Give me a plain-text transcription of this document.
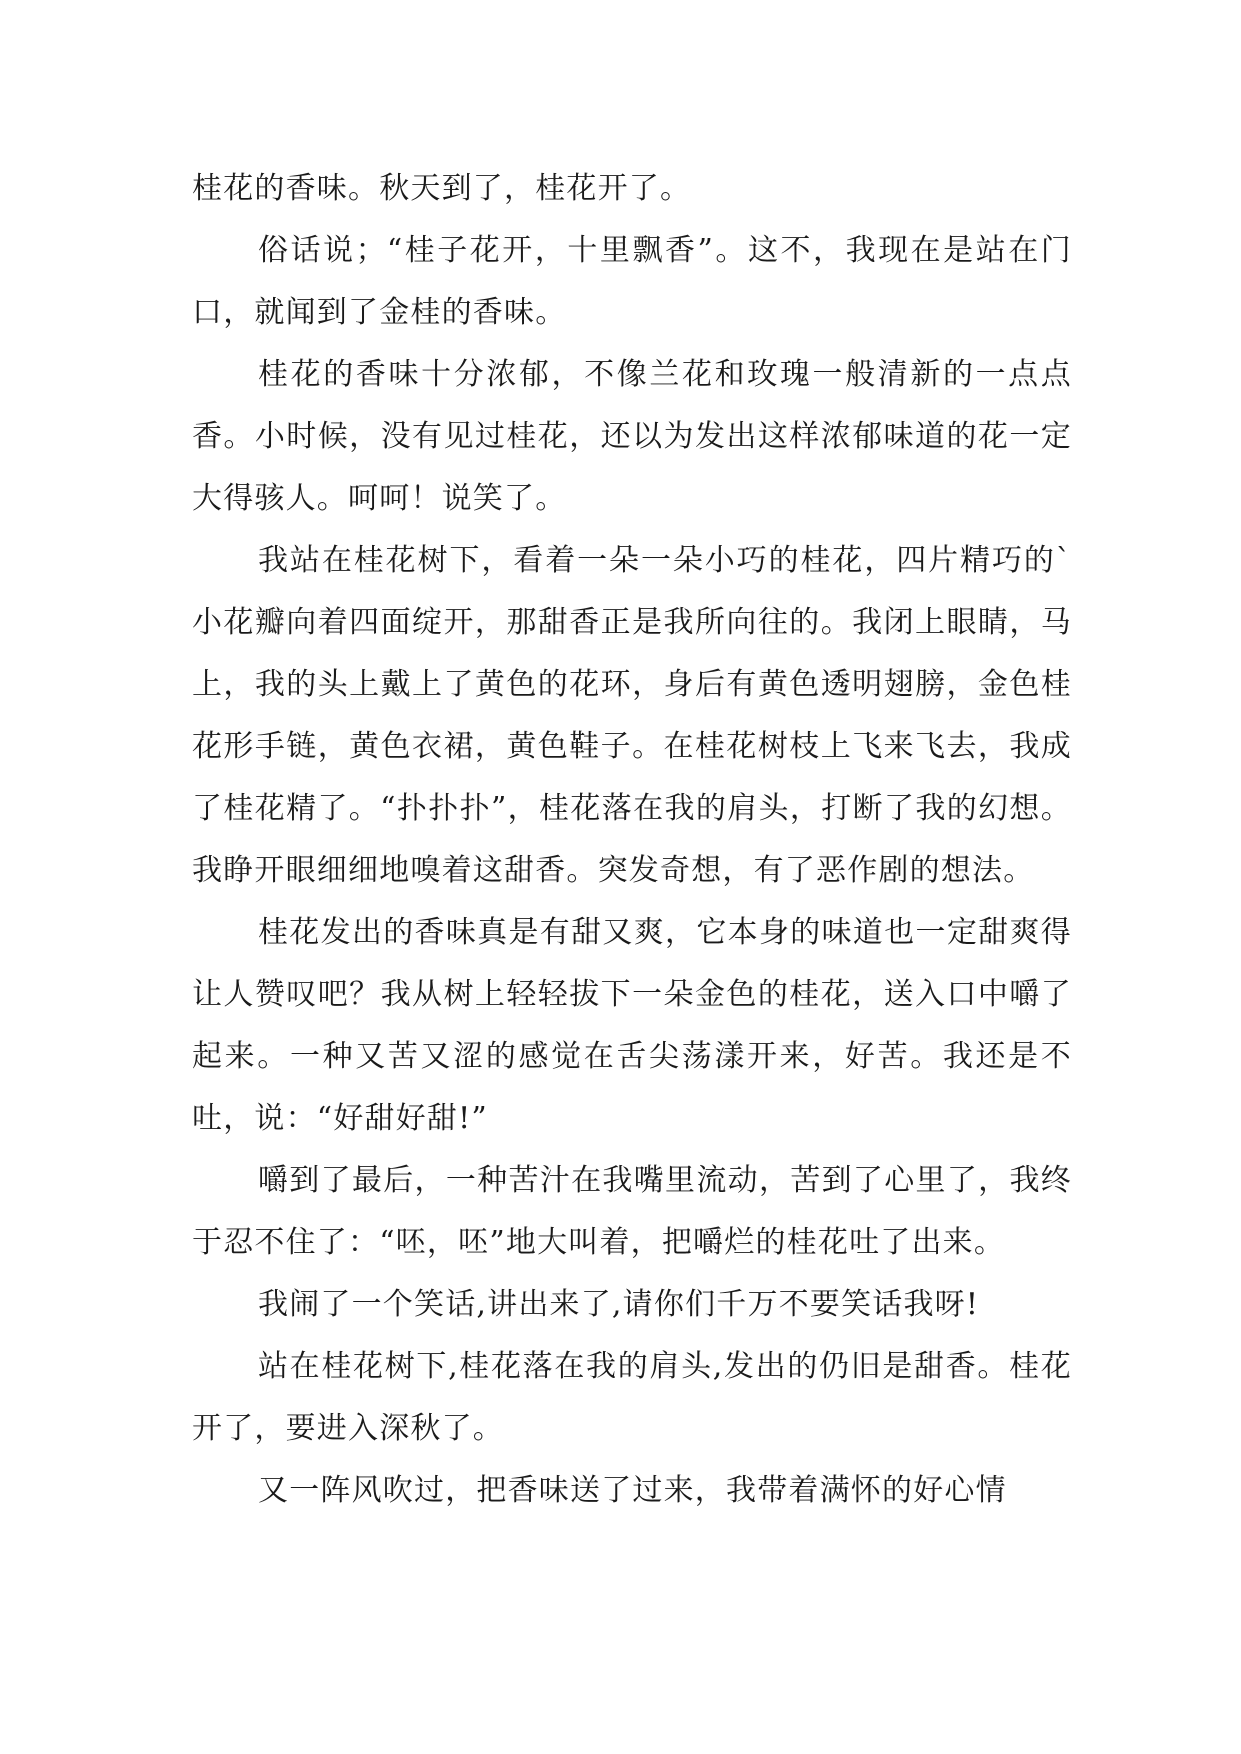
桂花的香味。秋天到了，桂花开了。

俗话说；“桂子花开，十里飘香”。这不，我现在是站在门口，就闻到了金桂的香味。

桂花的香味十分浓郁，不像兰花和玫瑰一般清新的一点点香。小时候，没有见过桂花，还以为发出这样浓郁味道的花一定大得骇人。呵呵！说笑了。

我站在桂花树下，看着一朵一朵小巧的桂花，四片精巧的`小花瓣向着四面绽开，那甜香正是我所向往的。我闭上眼睛，马上，我的头上戴上了黄色的花环，身后有黄色透明翅膀，金色桂花形手链，黄色衣裙，黄色鞋子。在桂花树枝上飞来飞去，我成了桂花精了。“扑扑扑”，桂花落在我的肩头，打断了我的幻想。我睁开眼细细地嗅着这甜香。突发奇想，有了恶作剧的想法。

桂花发出的香味真是有甜又爽，它本身的味道也一定甜爽得让人赞叹吧？我从树上轻轻拔下一朵金色的桂花，送入口中嚼了起来。一种又苦又涩的感觉在舌尖荡漾开来，好苦。我还是不吐，说：“好甜好甜!”

嚼到了最后，一种苦汁在我嘴里流动，苦到了心里了，我终于忍不住了：“呸，呸”地大叫着，把嚼烂的桂花吐了出来。

我闹了一个笑话,讲出来了,请你们千万不要笑话我呀!

站在桂花树下,桂花落在我的肩头,发出的仍旧是甜香。桂花开了，要进入深秋了。

又一阵风吹过，把香味送了过来，我带着满怀的好心情
